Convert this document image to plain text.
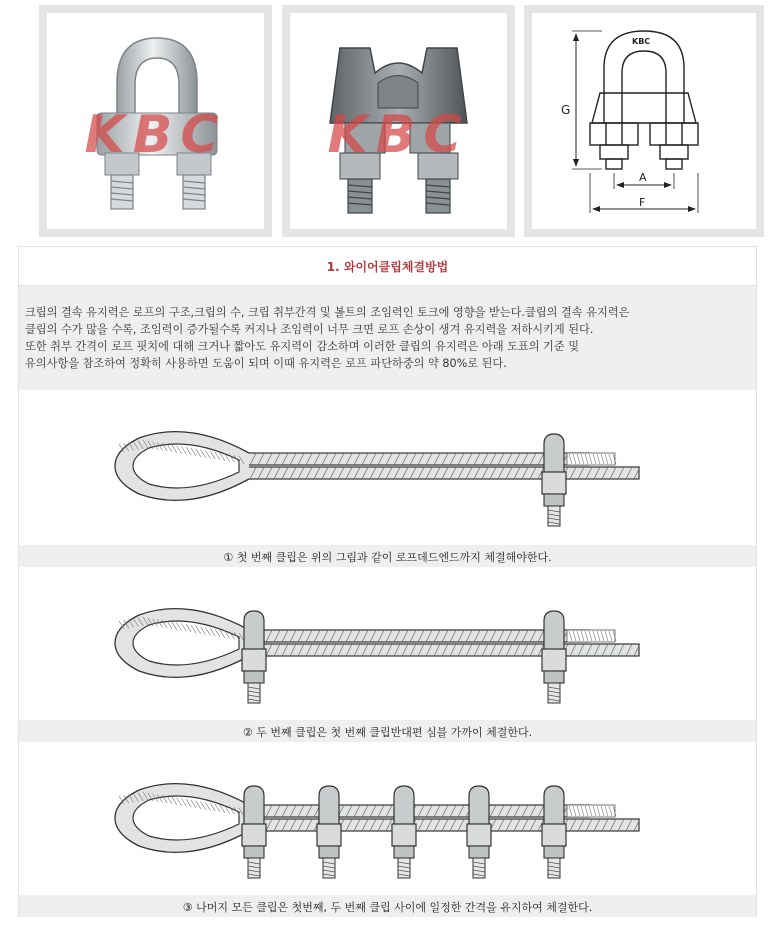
KBC	KBC
KBC
G
A
F
1. 와이어클립체결방법
크립의 결속 유지력은 로프의 구조,크립의 수, 크립 취부간격 및 볼트의 조임력인 토크에 영향을 받는다.클립의 결속 유지력은
클립의 수가 많을 수록, 조임력이 증가될수록 커지나 조임력이 너무 크면 로프 손상이 생겨 유지력을 저하시키게 된다.
또한 취부 간격이 로프 핏치에 대해 크거나 짧아도 유지력이 감소하며 이러한 클립의 유지력은 아래 도표의 기준 및
유의사항을 참조하여 정확히 사용하면 도움이 되며 이때 유지력은 로프 파단하중의 약 80%로 된다.
① 첫 번째 클립은 위의 그림과 같이 로프데드엔드까지 체결해야한다.
② 두 번째 클립은 첫 번째 클립반대편 심블 가까이 체결한다.
③ 나머지 모든 클립은 첫번째, 두 번째 클립 사이에 일정한 간격을 유지하여 체결한다.
